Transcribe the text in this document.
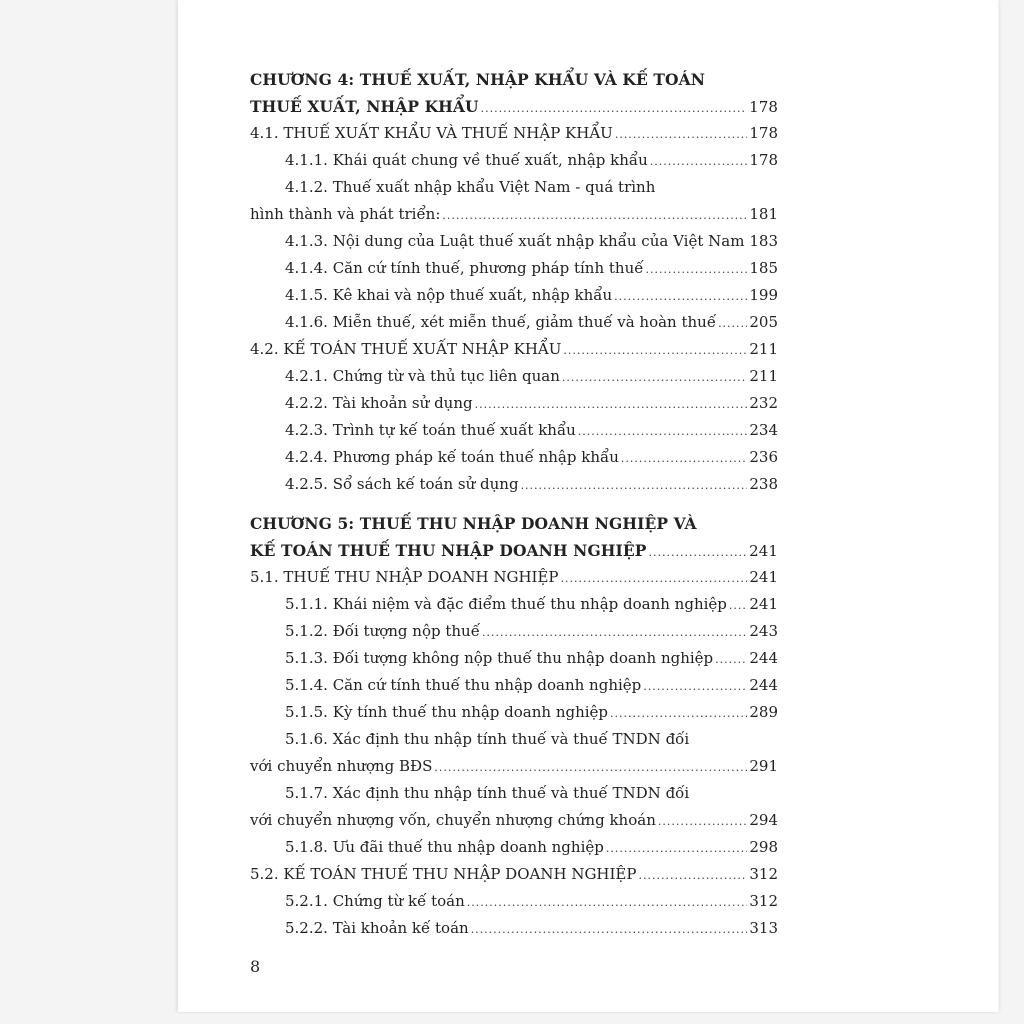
CHƯƠNG 4: THUẾ XUẤT, NHẬP KHẨU VÀ KẾ TOÁN
THUẾ XUẤT, NHẬP KHẨU .....	178
4.1. THUẾ XUẤT KHẨU VÀ THUẾ NHẬP KHẨU .....	178
4.1.1. Khái quát chung về thuế xuất, nhập khẩu .....	178
4.1.2. Thuế xuất nhập khẩu Việt Nam - quá trình
hình thành và phát triển: .....	181
4.1.3. Nội dung của Luật thuế xuất nhập khẩu của Việt Nam ..... 183
4.1.4. Căn cứ tính thuế, phương pháp tính thuế .....	185
4.1.5. Kê khai và nộp thuế xuất, nhập khẩu .....	199
4.1.6. Miễn thuế, xét miễn thuế, giảm thuế và hoàn thuế ..... 205
4.2. KẾ TOÁN THUẾ XUẤT NHẬP KHẨU .....	211
4.2.1. Chứng từ và thủ tục liên quan .....	211
4.2.2. Tài khoản sử dụng .....	232
4.2.3. Trình tự kế toán thuế xuất khẩu .....	234
4.2.4. Phương pháp kế toán thuế nhập khẩu .....	236
4.2.5. Sổ sách kế toán sử dụng .....	238
CHƯƠNG 5: THUẾ THU NHẬP DOANH NGHIỆP VÀ
KẾ TOÁN THUẾ THU NHẬP DOANH NGHIỆP .....	241
5.1. THUẾ THU NHẬP DOANH NGHIỆP .....	241
5.1.1. Khái niệm và đặc điểm thuế thu nhập doanh nghiệp ..... 241
5.1.2. Đối tượng nộp thuế .....	243
5.1.3. Đối tượng không nộp thuế thu nhập doanh nghiệp ..... 244
5.1.4. Căn cứ tính thuế thu nhập doanh nghiệp .....	244
5.1.5. Kỳ tính thuế thu nhập doanh nghiệp .....	289
5.1.6. Xác định thu nhập tính thuế và thuế TNDN đối
với chuyển nhượng BĐS .....	291
5.1.7. Xác định thu nhập tính thuế và thuế TNDN đối
với chuyển nhượng vốn, chuyển nhượng chứng khoán .....	294
5.1.8. Ưu đãi thuế thu nhập doanh nghiệp .....	298
5.2. KẾ TOÁN THUẾ THU NHẬP DOANH NGHIỆP .....	312
5.2.1. Chứng từ kế toán .....	312
5.2.2. Tài khoản kế toán .....	313
8
